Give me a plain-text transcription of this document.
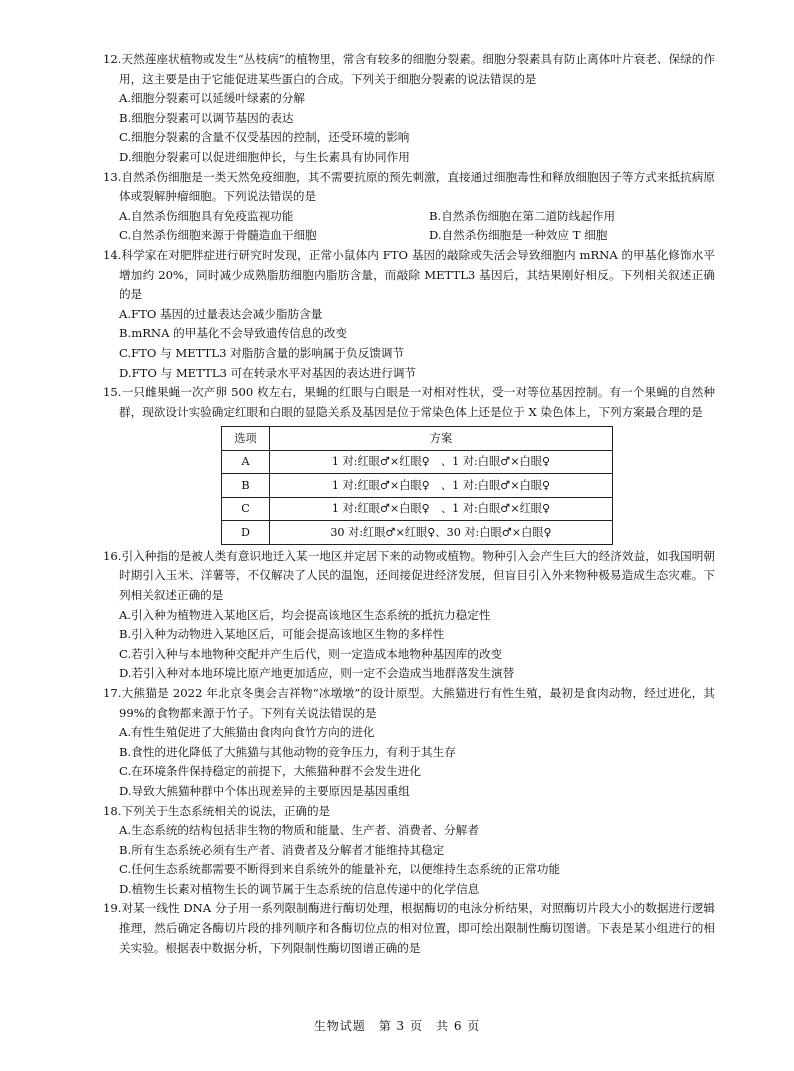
12.天然莲座状植物或发生“丛枝病”的植物里，常含有较多的细胞分裂素。细胞分裂素具有防止离体叶片衰老、保绿的作用，这主要是由于它能促进某些蛋白的合成。下列关于细胞分裂素的说法错误的是

A.细胞分裂素可以延缓叶绿素的分解

B.细胞分裂素可以调节基因的表达

C.细胞分裂素的含量不仅受基因的控制，还受环境的影响

D.细胞分裂素可以促进细胞伸长，与生长素具有协同作用

13.自然杀伤细胞是一类天然免疫细胞，其不需要抗原的预先刺激，直接通过细胞毒性和释放细胞因子等方式来抵抗病原体或裂解肿瘤细胞。下列说法错误的是

A.自然杀伤细胞具有免疫监视功能	B.自然杀伤细胞在第二道防线起作用
C.自然杀伤细胞来源于骨髓造血干细胞	D.自然杀伤细胞是一种效应 T 细胞

14.科学家在对肥胖症进行研究时发现，正常小鼠体内 FTO 基因的敲除或失活会导致细胞内 mRNA 的甲基化修饰水平增加约 20%，同时减少成熟脂肪细胞内脂肪含量，而敲除 METTL3 基因后，其结果刚好相反。下列相关叙述正确的是

A.FTO 基因的过量表达会减少脂肪含量

B.mRNA 的甲基化不会导致遗传信息的改变

C.FTO 与 METTL3 对脂肪含量的影响属于负反馈调节

D.FTO 与 METTL3 可在转录水平对基因的表达进行调节

15.一只雌果蝇一次产卵 500 枚左右，果蝇的红眼与白眼是一对相对性状，受一对等位基因控制。有一个果蝇的自然种群，现欲设计实验确定红眼和白眼的显隐关系及基因是位于常染色体上还是位于 X 染色体上，下列方案最合理的是

选项	方案
A	1 对:红眼♂×红眼♀　、1 对:白眼♂×白眼♀
B	1 对:红眼♂×白眼♀　、1 对:白眼♂×白眼♀
C	1 对:红眼♂×白眼♀　、1 对:白眼♂×红眼♀
D	30 对:红眼♂×红眼♀、30 对:白眼♂×白眼♀

16.引入种指的是被人类有意识地迁入某一地区并定居下来的动物或植物。物种引入会产生巨大的经济效益，如我国明朝时期引入玉米、洋薯等，不仅解决了人民的温饱，还间接促进经济发展，但盲目引入外来物种极易造成生态灾难。下列相关叙述正确的是

A.引入种为植物进入某地区后，均会提高该地区生态系统的抵抗力稳定性

B.引入种为动物进入某地区后，可能会提高该地区生物的多样性

C.若引入种与本地物种交配并产生后代，则一定造成本地物种基因库的改变

D.若引入种对本地环境比原产地更加适应，则一定不会造成当地群落发生演替

17.大熊猫是 2022 年北京冬奥会吉祥物“冰墩墩”的设计原型。大熊猫进行有性生殖，最初是食肉动物，经过进化，其 99%的食物都来源于竹子。下列有关说法错误的是

A.有性生殖促进了大熊猫由食肉向食竹方向的进化

B.食性的进化降低了大熊猫与其他动物的竞争压力，有利于其生存

C.在环境条件保持稳定的前提下，大熊猫种群不会发生进化

D.导致大熊猫种群中个体出现差异的主要原因是基因重组

18.下列关于生态系统相关的说法，正确的是

A.生态系统的结构包括非生物的物质和能量、生产者、消费者、分解者

B.所有生态系统必须有生产者、消费者及分解者才能维持其稳定

C.任何生态系统都需要不断得到来自系统外的能量补充，以便维持生态系统的正常功能

D.植物生长素对植物生长的调节属于生态系统的信息传递中的化学信息

19.对某一线性 DNA 分子用一系列限制酶进行酶切处理，根据酶切的电泳分析结果，对照酶切片段大小的数据进行逻辑推理，然后确定各酶切片段的排列顺序和各酶切位点的相对位置，即可绘出限制性酶切图谱。下表是某小组进行的相关实验。根据表中数据分析，下列限制性酶切图谱正确的是

生物试题　第 3 页　共 6 页
